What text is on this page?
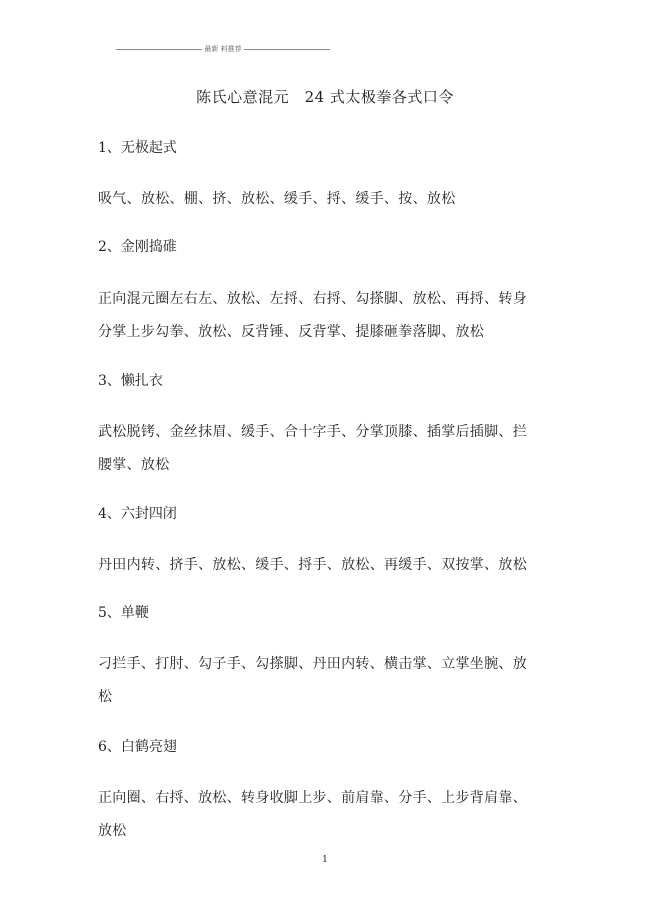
最新 料推荐
陈氏心意混元　24 式太极拳各式口令
1、无极起式
吸气、放松、棚、挤、放松、缓手、捋、缓手、按、放松
2、金刚捣碓
正向混元圈左右左、放松、左捋、右捋、勾搽脚、放松、再捋、转身
分掌上步勾拳、放松、反背锤、反背掌、提膝砸拳落脚、放松
3、懒扎衣
武松脱铐、金丝抹眉、缓手、合十字手、分掌顶膝、插掌后插脚、拦
腰掌、放松
4、六封四闭
丹田内转、挤手、放松、缓手、捋手、放松、再缓手、双按掌、放松
5、单鞭
刁拦手、打肘、勾子手、勾搽脚、丹田内转、横击掌、立掌坐腕、放
松
6、白鹤亮翅
正向圈、右捋、放松、转身收脚上步、前肩靠、分手、上步背肩靠、
放松
1
